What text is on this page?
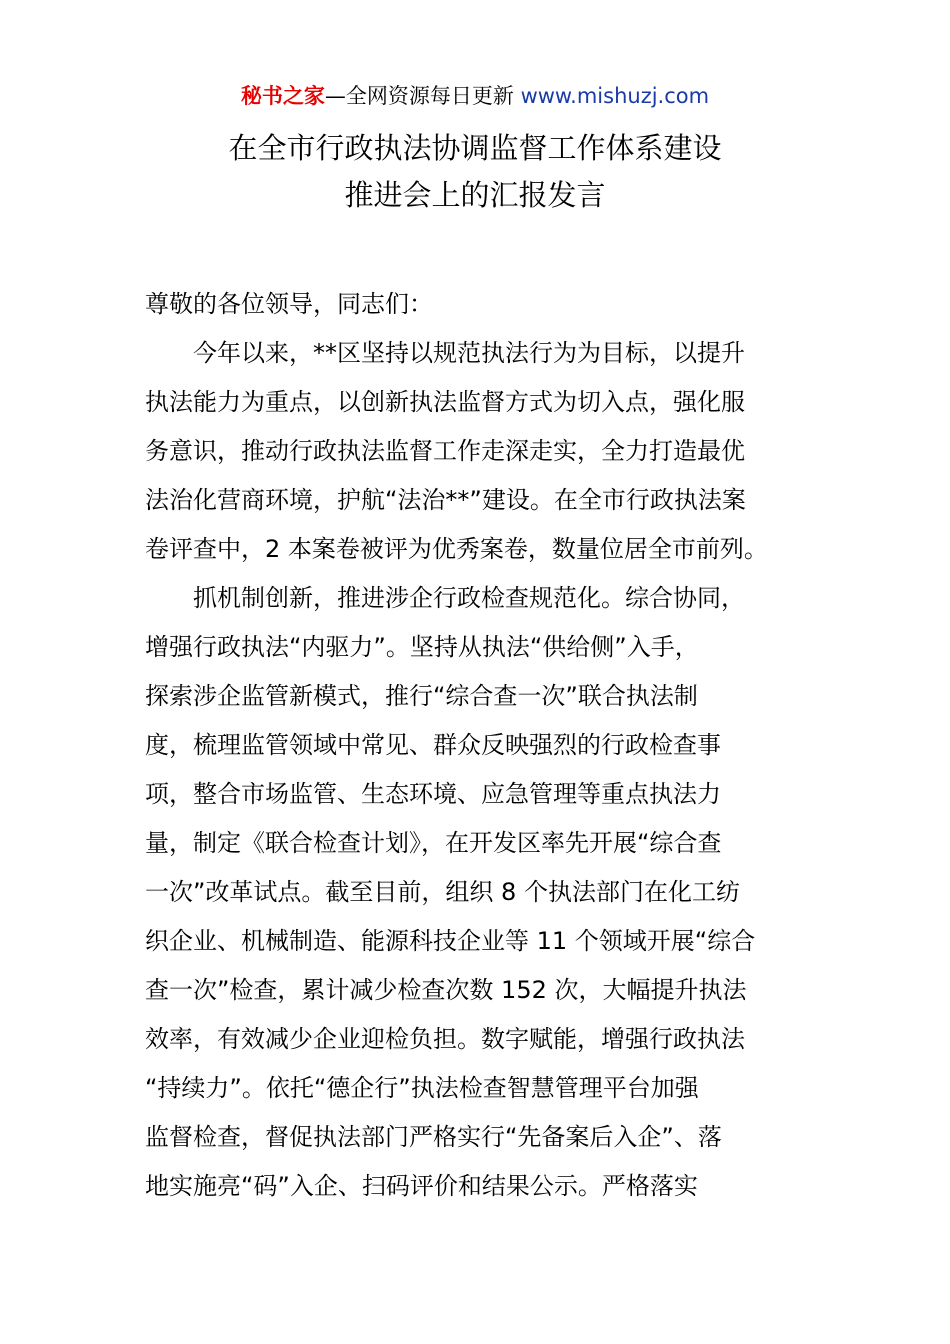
秘书之家—全网资源每日更新 www.mishuzj.com
在全市行政执法协调监督工作体系建设
推进会上的汇报发言
尊敬的各位领导，同志们：
今年以来，**区坚持以规范执法行为为目标，以提升
执法能力为重点，以创新执法监督方式为切入点，强化服
务意识，推动行政执法监督工作走深走实，全力打造最优
法治化营商环境，护航“法治**”建设。在全市行政执法案
卷评查中，2 本案卷被评为优秀案卷，数量位居全市前列。
抓机制创新，推进涉企行政检查规范化。综合协同，
增强行政执法“内驱力”。坚持从执法“供给侧”入手，
探索涉企监管新模式，推行“综合查一次”联合执法制
度，梳理监管领域中常见、群众反映强烈的行政检查事
项，整合市场监管、生态环境、应急管理等重点执法力
量，制定《联合检查计划》，在开发区率先开展“综合查
一次”改革试点。截至目前，组织 8 个执法部门在化工纺
织企业、机械制造、能源科技企业等 11 个领域开展“综合
查一次”检查，累计减少检查次数 152 次，大幅提升执法
效率，有效减少企业迎检负担。数字赋能，增强行政执法
“持续力”。依托“德企行”执法检查智慧管理平台加强
监督检查，督促执法部门严格实行“先备案后入企”、落
地实施亮“码”入企、扫码评价和结果公示。严格落实
